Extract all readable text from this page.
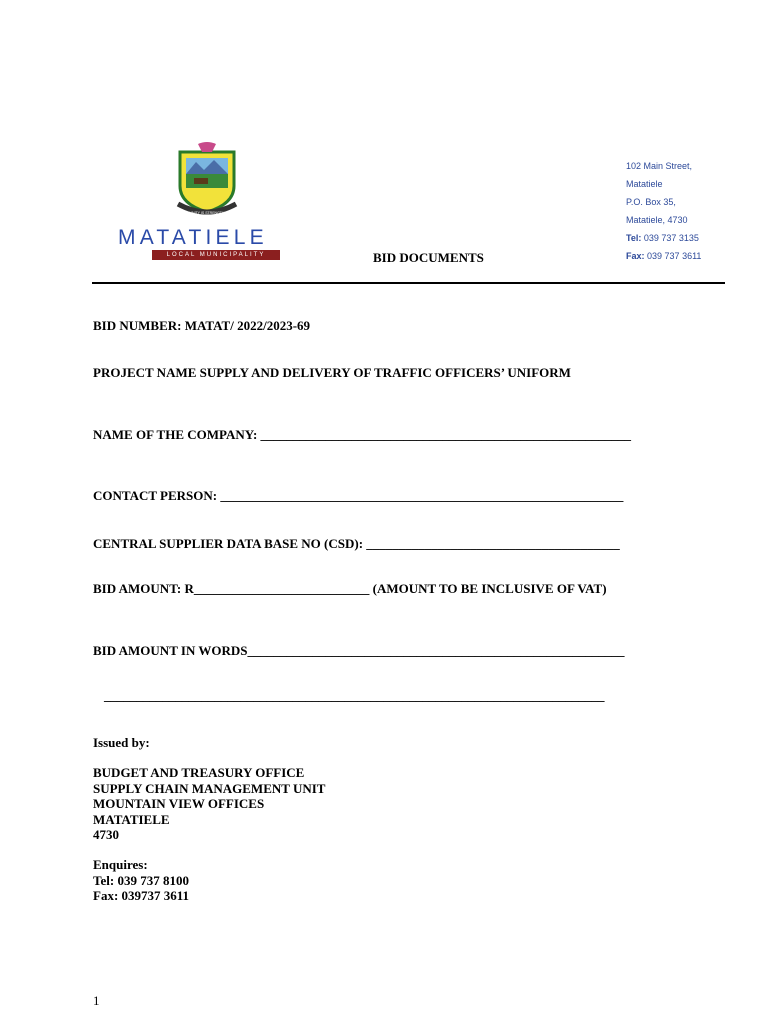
UNITY IS STRENGTH
MATATIELE
LOCAL MUNICIPALITY
102 Main Street,
Matatiele
P.O. Box 35,
Matatiele, 4730
Tel: 039 737 3135
Fax: 039 737 3611
BID DOCUMENTS
BID NUMBER: MATAT/ 2022/2023-69
PROJECT NAME SUPPLY AND DELIVERY OF TRAFFIC OFFICERS’ UNIFORM
NAME OF THE COMPANY: _________________________________________________________
CONTACT PERSON: ______________________________________________________________
CENTRAL SUPPLIER DATA BASE NO (CSD): _______________________________________
BID AMOUNT: R___________________________ (AMOUNT TO BE INCLUSIVE OF VAT)
BID AMOUNT IN WORDS__________________________________________________________
_____________________________________________________________________________
Issued by:
BUDGET AND TREASURY OFFICE
SUPPLY CHAIN MANAGEMENT UNIT
MOUNTAIN VIEW OFFICES
MATATIELE
4730
Enquires:
Tel: 039 737 8100
Fax: 039737 3611
1
